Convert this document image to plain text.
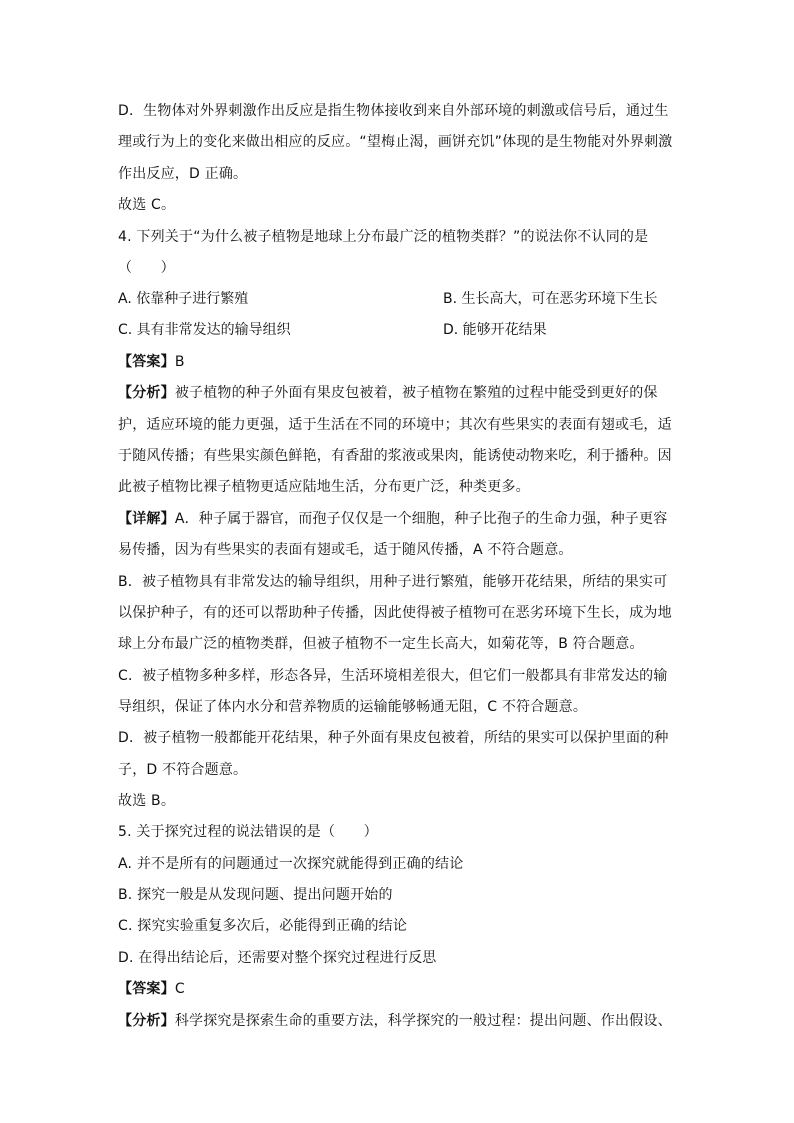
D．生物体对外界刺激作出反应是指生物体接收到来自外部环境的刺激或信号后，通过生
理或行为上的变化来做出相应的反应。“望梅止渴，画饼充饥”体现的是生物能对外界刺激
作出反应，D 正确。
故选 C。
4. 下列关于“为什么被子植物是地球上分布最广泛的植物类群？”的说法你不认同的是
（　　）
A. 依靠种子进行繁殖	B. 生长高大，可在恶劣环境下生长
C. 具有非常发达的输导组织	D. 能够开花结果
【答案】B
【分析】被子植物的种子外面有果皮包被着，被子植物在繁殖的过程中能受到更好的保
护，适应环境的能力更强，适于生活在不同的环境中；其次有些果实的表面有翅或毛，适
于随风传播；有些果实颜色鲜艳，有香甜的浆液或果肉，能诱使动物来吃，利于播种。因
此被子植物比裸子植物更适应陆地生活，分布更广泛，种类更多。
【详解】A．种子属于器官，而孢子仅仅是一个细胞，种子比孢子的生命力强，种子更容
易传播，因为有些果实的表面有翅或毛，适于随风传播，A 不符合题意。
B．被子植物具有非常发达的输导组织，用种子进行繁殖，能够开花结果，所结的果实可
以保护种子，有的还可以帮助种子传播，因此使得被子植物可在恶劣环境下生长，成为地
球上分布最广泛的植物类群，但被子植物不一定生长高大，如菊花等，B 符合题意。
C．被子植物多种多样，形态各异，生活环境相差很大，但它们一般都具有非常发达的输
导组织，保证了体内水分和营养物质的运输能够畅通无阻，C 不符合题意。
D．被子植物一般都能开花结果，种子外面有果皮包被着，所结的果实可以保护里面的种
子，D 不符合题意。
故选 B。
5. 关于探究过程的说法错误的是（　　）
A. 并不是所有的问题通过一次探究就能得到正确的结论
B. 探究一般是从发现问题、提出问题开始的
C. 探究实验重复多次后，必能得到正确的结论
D. 在得出结论后，还需要对整个探究过程进行反思
【答案】C
【分析】科学探究是探索生命的重要方法，科学探究的一般过程：提出问题、作出假设、
